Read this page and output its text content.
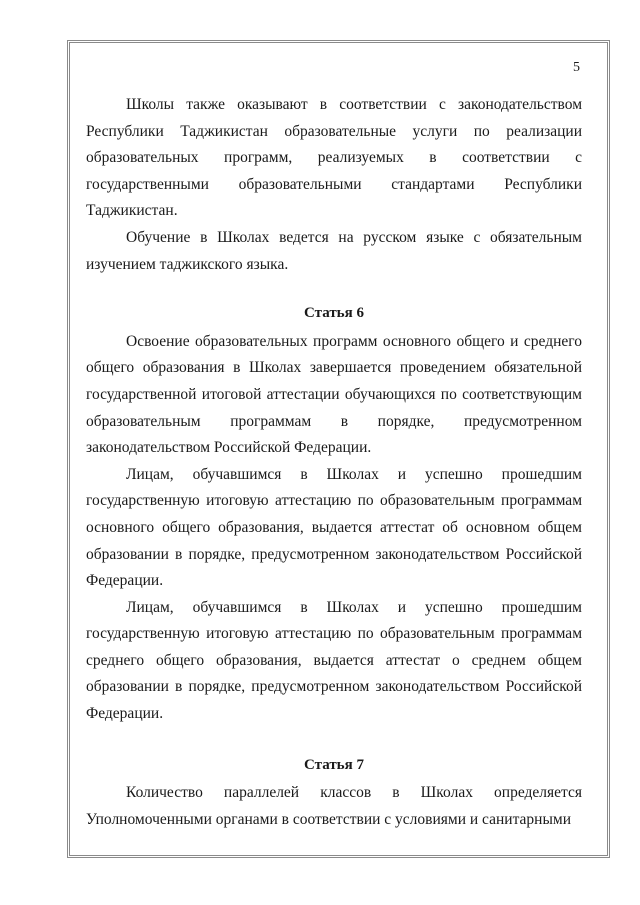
5

Школы также оказывают в соответствии с законодательством Республики Таджикистан образовательные услуги по реализации образовательных программ, реализуемых в соответствии с государственными образовательными стандартами Республики Таджикистан.

Обучение в Школах ведется на русском языке с обязательным изучением таджикского языка.

Статья 6

Освоение образовательных программ основного общего и среднего общего образования в Школах завершается проведением обязательной государственной итоговой аттестации обучающихся по соответствующим образовательным программам в порядке, предусмотренном законодательством Российской Федерации.

Лицам, обучавшимся в Школах и успешно прошедшим государственную итоговую аттестацию по образовательным программам основного общего образования, выдается аттестат об основном общем образовании в порядке, предусмотренном законодательством Российской Федерации.

Лицам, обучавшимся в Школах и успешно прошедшим государственную итоговую аттестацию по образовательным программам среднего общего образования, выдается аттестат о среднем общем образовании в порядке, предусмотренном законодательством Российской Федерации.

Статья 7

Количество параллелей классов в Школах определяется Уполномоченными органами в соответствии с условиями и санитарными
